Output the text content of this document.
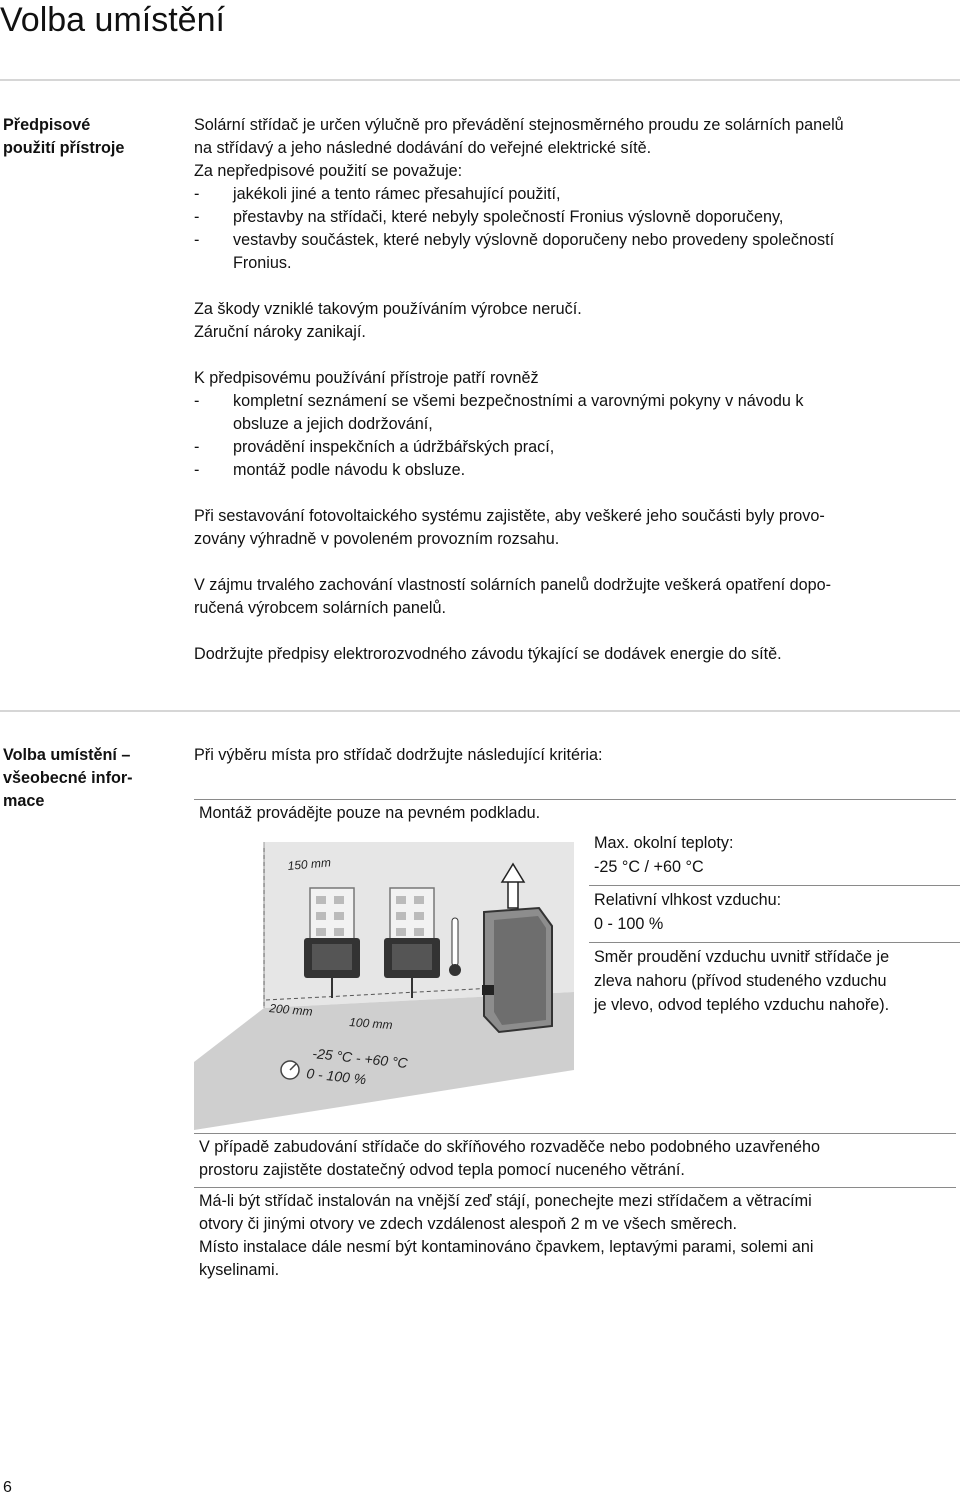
Volba umístění
Předpisové
použití přístroje

Solární střídač je určen výlučně pro převádění stejnosměrného proudu ze solárních panelů
na střídavý a jeho následné dodávání do veřejné elektrické sítě.

Za nepředpisové použití se považuje:

- jakékoli jiné a tento rámec přesahující použití,
- přestavby na střídači, které nebyly společností Fronius výslovně doporučeny,
- vestavby součástek, které nebyly výslovně doporučeny nebo provedeny společností
Fronius.

Za škody vzniklé takovým používáním výrobce neručí.
Záruční nároky zanikají.

K předpisovému používání přístroje patří rovněž

- kompletní seznámení se všemi bezpečnostními a varovnými pokyny v návodu k
obsluze a jejich dodržování,
- provádění inspekčních a údržbářských prací,
- montáž podle návodu k obsluze.

Při sestavování fotovoltaického systému zajistěte, aby veškeré jeho součásti byly provo-
zovány výhradně v povoleném provozním rozsahu.

V zájmu trvalého zachování vlastností solárních panelů dodržujte veškerá opatření dopo-
ručená výrobcem solárních panelů.

Dodržujte předpisy elektrorozvodného závodu týkající se dodávek energie do sítě.

Volba umístění –
všeobecné infor-
mace

Při výběru místa pro střídač dodržujte následující kritéria:

Montáž provádějte pouze na pevném podkladu.
Max. okolní teploty:
-25 °C / +60 °C
Relativní vlhkost vzduchu:
0 - 100 %
Směr proudění vzduchu uvnitř střídače je
zleva nahoru (přívod studeného vzduchu
je vlevo, odvod teplého vzduchu nahoře).
150 mm
200 mm
100 mm
-25 °C - +60 °C
0 - 100 %
V případě zabudování střídače do skříňového rozvaděče nebo podobného uzavřeného
prostoru zajistěte dostatečný odvod tepla pomocí nuceného větrání.
Má-li být střídač instalován na vnější zeď stájí, ponechejte mezi střídačem a větracími
otvory či jinými otvory ve zdech vzdálenost alespoň 2 m ve všech směrech.
Místo instalace dále nesmí být kontaminováno čpavkem, leptavými parami, solemi ani
kyselinami.
6
